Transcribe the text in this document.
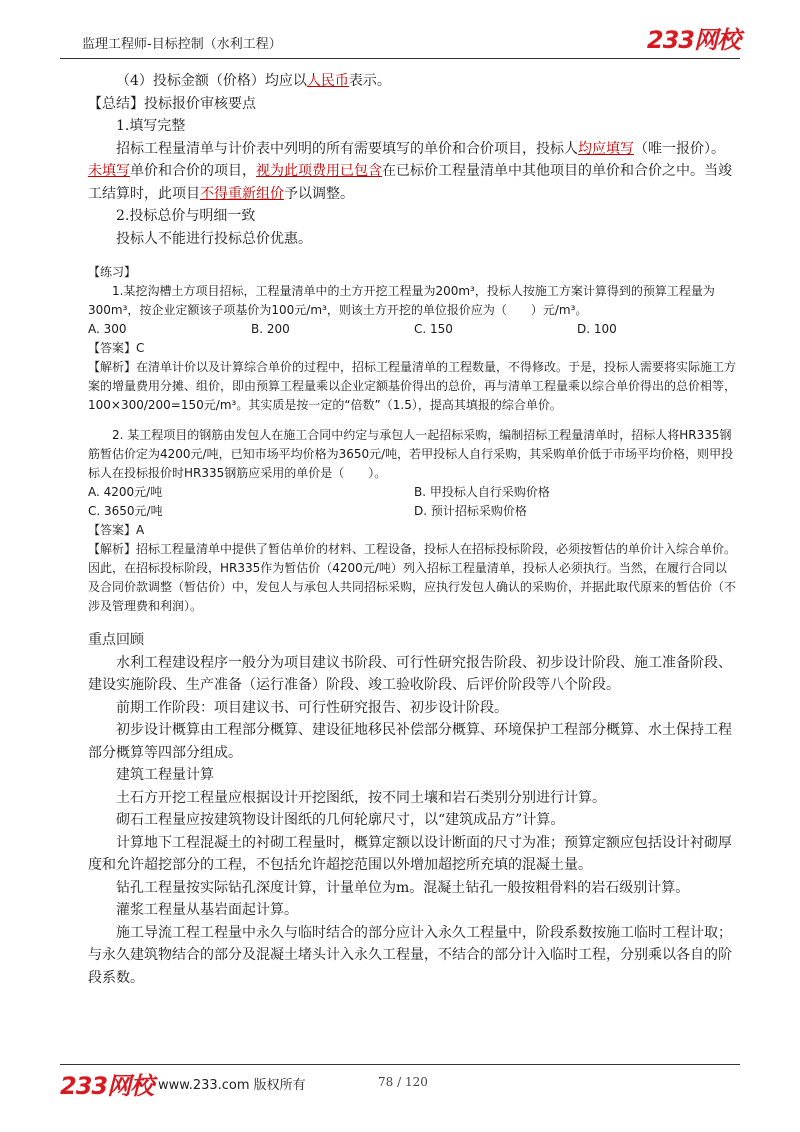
监理工程师-目标控制（水利工程）	233网校

（4）投标金额（价格）均应以人民币表示。

【总结】投标报价审核要点

1.填写完整

招标工程量清单与计价表中列明的所有需要填写的单价和合价项目，投标人均应填写（唯一报价）。未填写单价和合价的项目，视为此项费用已包含在已标价工程量清单中其他项目的单价和合价之中。当竣工结算时，此项目不得重新组价予以调整。

2.投标总价与明细一致

投标人不能进行投标总价优惠。

【练习】

1.某挖沟槽土方项目招标，工程量清单中的土方开挖工程量为200m³，投标人按施工方案计算得到的预算工程量为300m³，按企业定额该子项基价为100元/m³，则该土方开挖的单位报价应为（　　）元/m³。

A. 300	B. 200	C. 150	D. 100

【答案】C

【解析】在清单计价以及计算综合单价的过程中，招标工程量清单的工程数量，不得修改。于是，投标人需要将实际施工方案的增量费用分摊、组价，即由预算工程量乘以企业定额基价得出的总价，再与清单工程量乘以综合单价得出的总价相等，100×300/200=150元/m³。其实质是按一定的“倍数”（1.5），提高其填报的综合单价。

2. 某工程项目的钢筋由发包人在施工合同中约定与承包人一起招标采购，编制招标工程量清单时，招标人将HR335钢筋暂估价定为4200元/吨，已知市场平均价格为3650元/吨，若甲投标人自行采购，其采购单价低于市场平均价格，则甲投标人在投标报价时HR335钢筋应采用的单价是（　　）。

A. 4200元/吨	B. 甲投标人自行采购价格
C. 3650元/吨	D. 预计招标采购价格

【答案】A

【解析】招标工程量清单中提供了暂估单价的材料、工程设备，投标人在招标投标阶段，必须按暂估的单价计入综合单价。因此，在招标投标阶段，HR335作为暂估价（4200元/吨）列入招标工程量清单，投标人必须执行。当然，在履行合同以及合同价款调整（暂估价）中，发包人与承包人共同招标采购，应执行发包人确认的采购价，并据此取代原来的暂估价（不涉及管理费和利润）。

重点回顾

水利工程建设程序一般分为项目建议书阶段、可行性研究报告阶段、初步设计阶段、施工准备阶段、建设实施阶段、生产准备（运行准备）阶段、竣工验收阶段、后评价阶段等八个阶段。

前期工作阶段：项目建议书、可行性研究报告、初步设计阶段。

初步设计概算由工程部分概算、建设征地移民补偿部分概算、环境保护工程部分概算、水土保持工程部分概算等四部分组成。

建筑工程量计算

土石方开挖工程量应根据设计开挖图纸，按不同土壤和岩石类别分别进行计算。

砌石工程量应按建筑物设计图纸的几何轮廓尺寸，以“建筑成品方”计算。

计算地下工程混凝土的衬砌工程量时，概算定额以设计断面的尺寸为准；预算定额应包括设计衬砌厚度和允许超挖部分的工程，不包括允许超挖范围以外增加超挖所充填的混凝土量。

钻孔工程量按实际钻孔深度计算，计量单位为m。混凝土钻孔一般按粗骨料的岩石级别计算。

灌浆工程量从基岩面起计算。

施工导流工程工程量中永久与临时结合的部分应计入永久工程量中，阶段系数按施工临时工程计取；与永久建筑物结合的部分及混凝土堵头计入永久工程量，不结合的部分计入临时工程，分别乘以各自的阶段系数。

233网校 www.233.com 版权所有	78 / 120
